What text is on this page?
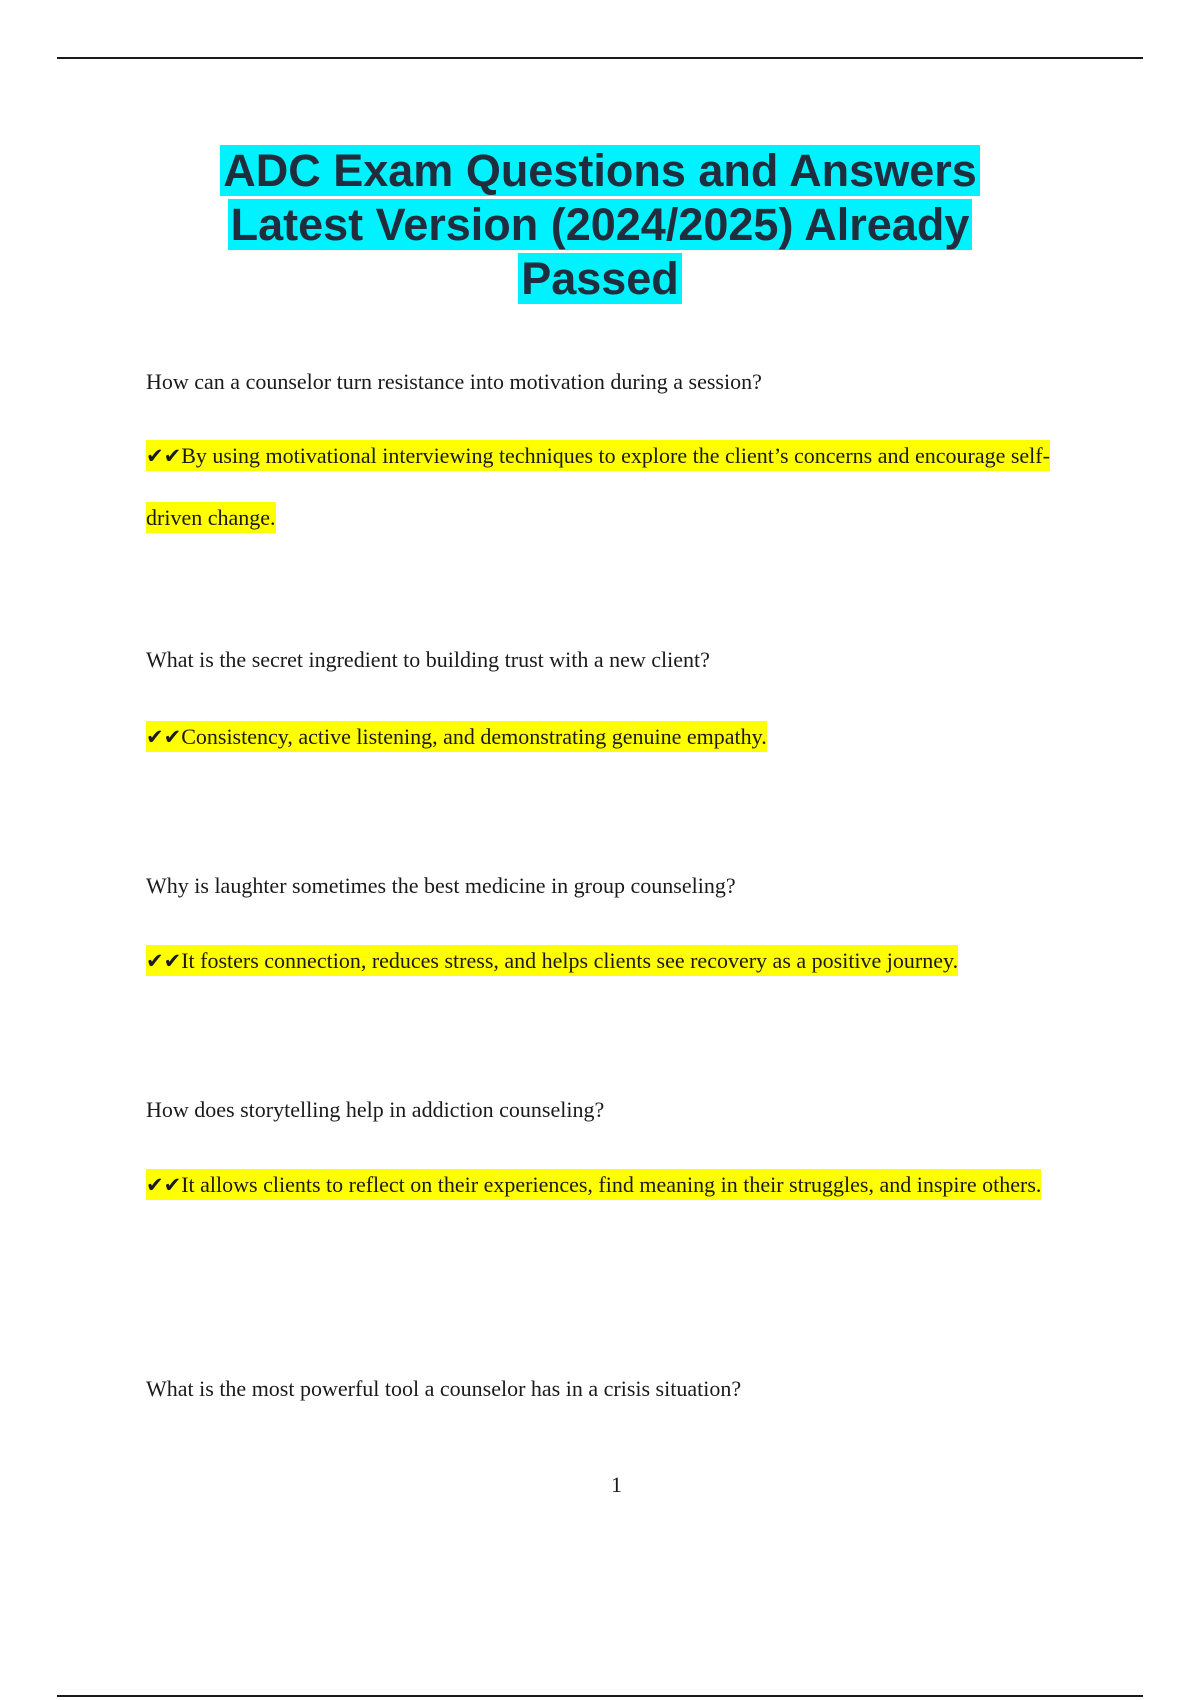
ADC Exam Questions and Answers
Latest Version (2024/2025) Already
Passed

How can a counselor turn resistance into motivation during a session?

✔✔By using motivational interviewing techniques to explore the client’s concerns and encourage self-driven change.

What is the secret ingredient to building trust with a new client?

✔✔Consistency, active listening, and demonstrating genuine empathy.

Why is laughter sometimes the best medicine in group counseling?

✔✔It fosters connection, reduces stress, and helps clients see recovery as a positive journey.

How does storytelling help in addiction counseling?

✔✔It allows clients to reflect on their experiences, find meaning in their struggles, and inspire others.

What is the most powerful tool a counselor has in a crisis situation?

1
